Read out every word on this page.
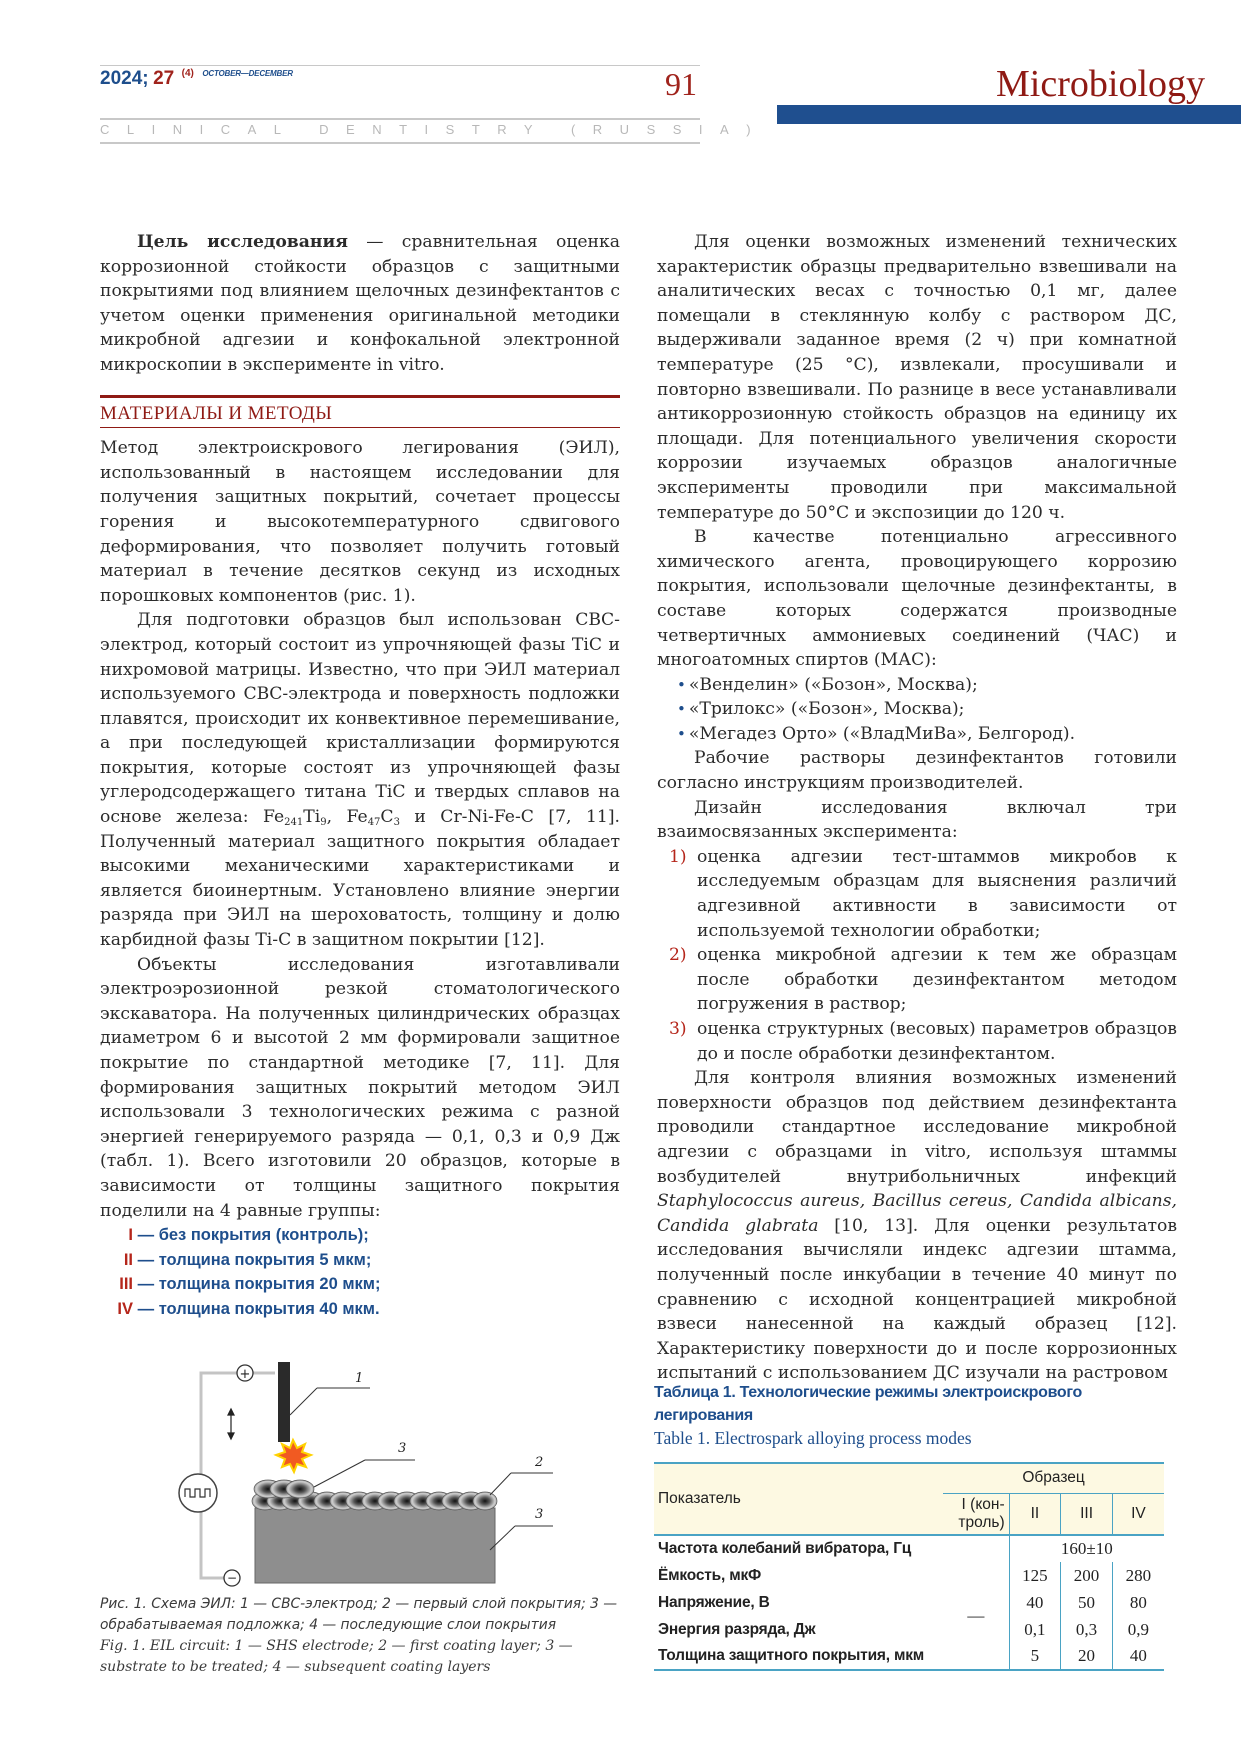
2024; 27 $^{(4)}$ $^{OCTOBER—DECEMBER}$	91
CLINICAL DENTISTRY (RUSSIA)
Microbiology

Цель исследования — сравнительная оценка коррозионной стойкости образцов с защитными покрытиями под влиянием щелочных дезинфектантов с учетом оценки применения оригинальной методики микробной адгезии и конфокальной электронной микроскопии в эксперименте in vitro.

МАТЕРИАЛЫ И МЕТОДЫ

Метод электроискрового легирования (ЭИЛ), использованный в настоящем исследовании для получения защитных покрытий, сочетает процессы горения и высокотемпературного сдвигового деформирования, что позволяет получить готовый материал в течение десятков секунд из исходных порошковых компонентов (рис. 1).

Для подготовки образцов был использован СВС-электрод, который состоит из упрочняющей фазы TiC и нихромовой матрицы. Известно, что при ЭИЛ материал используемого СВС-электрода и поверхность подложки плавятся, происходит их конвективное перемешивание, а при последующей кристаллизации формируются покрытия, которые состоят из упрочняющей фазы углеродсодержащего титана TiC и твердых сплавов на основе железа: $Fe_{241}Ti_9$, $Fe_{47}C_3$ и Cr-Ni-Fe-C [7, 11]. Полученный материал защитного покрытия обладает высокими механическими характеристиками и является биоинертным. Установлено влияние энергии разряда при ЭИЛ на шероховатость, толщину и долю карбидной фазы Ti-C в защитном покрытии [12].

Объекты исследования изготавливали электроэрозионной резкой стоматологического экскаватора. На полученных цилиндрических образцах диаметром 6 и высотой 2 мм формировали защитное покрытие по стандартной методике [7, 11]. Для формирования защитных покрытий методом ЭИЛ использовали 3 технологических режима с разной энергией генерируемого разряда — 0,1, 0,3 и 0,9 Дж (табл. 1). Всего изготовили 20 образцов, которые в зависимости от толщины защитного покрытия поделили на 4 равные группы:

I — без покрытия (контроль);
II — толщина покрытия 5 мкм;
III — толщина покрытия 20 мкм;
IV — толщина покрытия 40 мкм.
+
−
1
3
2
3
Рис. 1. Схема ЭИЛ: 1 — СВС-электрод; 2 — первый слой покрытия; 3 — обрабатываемая подложка; 4 — последующие слои покрытия
Fig. 1. EIL circuit: 1 — SHS electrode; 2 — first coating layer; 3 — substrate to be treated; 4 — subsequent coating layers

Для оценки возможных изменений технических характеристик образцы предварительно взвешивали на аналитических весах с точностью 0,1 мг, далее помещали в стеклянную колбу с раствором ДС, выдерживали заданное время (2 ч) при комнатной температуре (25 °С), извлекали, просушивали и повторно взвешивали. По разнице в весе устанавливали антикоррозионную стойкость образцов на единицу их площади. Для потенциального увеличения скорости коррозии изучаемых образцов аналогичные эксперименты проводили при максимальной температуре до 50°С и экспозиции до 120 ч.

В качестве потенциально агрессивного химического агента, провоцирующего коррозию покрытия, использовали щелочные дезинфектанты, в составе которых содержатся производные четвертичных аммониевых соединений (ЧАС) и многоатомных спиртов (МАС):

• «Венделин» («Бозон», Москва);
• «Трилокс» («Бозон», Москва);
• «Мегадез Орто» («ВладМиВа», Белгород).

Рабочие растворы дезинфектантов готовили согласно инструкциям производителей.

Дизайн исследования включал три взаимосвязанных эксперимента:

1) оценка адгезии тест-штаммов микробов к исследуемым образцам для выяснения различий адгезивной активности в зависимости от используемой технологии обработки;
2) оценка микробной адгезии к тем же образцам после обработки дезинфектантом методом погружения в раствор;
3) оценка структурных (весовых) параметров образцов до и после обработки дезинфектантом.

Для контроля влияния возможных изменений поверхности образцов под действием дезинфектанта проводили стандартное исследование микробной адгезии с образцами in vitro, используя штаммы возбудителей внутрибольничных инфекций Staphylococcus aureus, Bacillus cereus, Candida albicans, Candida glabrata [10, 13]. Для оценки результатов исследования вычисляли индекс адгезии штамма, полученный после инкубации в течение 40 минут по сравнению с исходной концентрацией микробной взвеси нанесенной на каждый образец [12]. Характеристику поверхности до и после коррозионных испытаний с использованием ДС изучали на растровом

Таблица 1. Технологические режимы электроискрового легирования
Table 1. Electrospark alloying process modes
Показатель	Образец			
	I (кон-троль)	II	III	IV
Частота колебаний вибратора, Гц		160±10		
Ёмкость, мкФ	—	125	200	280
Напряжение, В		40	50	80
Энергия разряда, Дж		0,1	0,3	0,9
Толщина защитного покрытия, мкм		5	20	40
